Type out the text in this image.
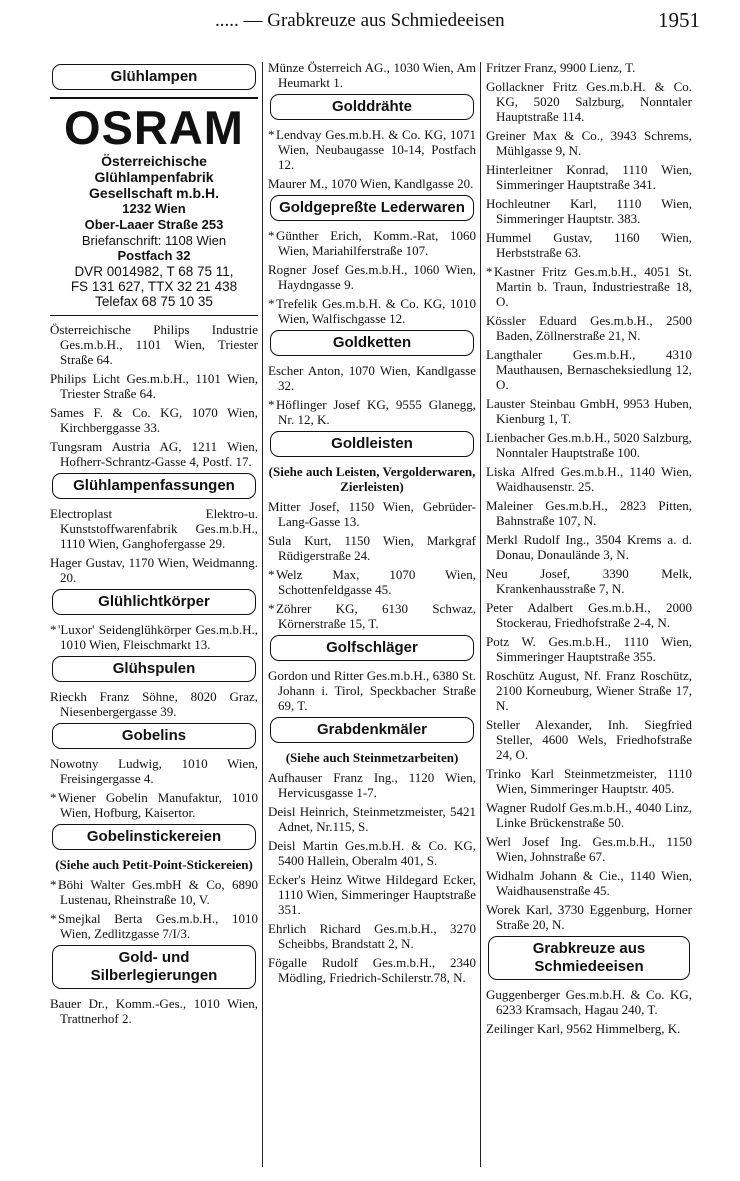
..... — Grabkreuze aus Schmiedeeisen	1951
Glühlampen
OSRAM
Österreichische
Glühlampenfabrik
Gesellschaft m.b.H.
1232 Wien
Ober-Laaer Straße 253
Briefanschrift: 1108 Wien
Postfach 32
DVR 0014982, T 68 75 11,
FS 131 627, TTX 32 21 438
Telefax 68 75 10 35
Österreichische Philips Industrie Ges.m.b.H., 1101 Wien, Triester Straße 64.
Philips Licht Ges.m.b.H., 1101 Wien, Triester Straße 64.
Sames F. & Co. KG, 1070 Wien, Kirchberggasse 33.
Tungsram Austria AG, 1211 Wien, Hofherr-Schrantz-Gasse 4, Postf. 17.
Glühlampenfassungen
Electroplast Elektro-u. Kunststoffwarenfabrik Ges.m.b.H., 1110 Wien, Ganghofergasse 29.
Hager Gustav, 1170 Wien, Weidmanng. 20.
Glühlichtkörper
* 'Luxor' Seidenglühkörper Ges.m.b.H., 1010 Wien, Fleischmarkt 13.
Glühspulen
Rieckh Franz Söhne, 8020 Graz, Niesenbergergasse 39.
Gobelins
Nowotny Ludwig, 1010 Wien, Freisingergasse 4.
* Wiener Gobelin Manufaktur, 1010 Wien, Hofburg, Kaisertor.
Gobelinstickereien
(Siehe auch Petit-Point-Stickereien)
* Böhi Walter Ges.mbH & Co, 6890 Lustenau, Rheinstraße 10, V.
* Smejkal Berta Ges.m.b.H., 1010 Wien, Zedlitzgasse 7/I/3.
Gold- und Silberlegierungen
Bauer Dr., Komm.-Ges., 1010 Wien, Trattnerhof 2.
Münze Österreich AG., 1030 Wien, Am Heumarkt 1.
Golddrähte
* Lendvay Ges.m.b.H. & Co. KG, 1071 Wien, Neubaugasse 10-14, Postfach 12.
Maurer M., 1070 Wien, Kandlgasse 20.
Goldgepreßte Lederwaren
* Günther Erich, Komm.-Rat, 1060 Wien, Mariahilferstraße 107.
Rogner Josef Ges.m.b.H., 1060 Wien, Haydngasse 9.
* Trefelik Ges.m.b.H. & Co. KG, 1010 Wien, Walfischgasse 12.
Goldketten
Escher Anton, 1070 Wien, Kandlgasse 32.
* Höflinger Josef KG, 9555 Glanegg, Nr. 12, K.
Goldleisten
(Siehe auch Leisten, Vergolderwaren, Zierleisten)
Mitter Josef, 1150 Wien, Gebrüder-Lang-Gasse 13.
Sula Kurt, 1150 Wien, Markgraf Rüdigerstraße 24.
* Welz Max, 1070 Wien, Schottenfeldgasse 45.
* Zöhrer KG, 6130 Schwaz, Körnerstraße 15, T.
Golfschläger
Gordon und Ritter Ges.m.b.H., 6380 St. Johann i. Tirol, Speckbacher Straße 69, T.
Grabdenkmäler
(Siehe auch Steinmetzarbeiten)
Aufhauser Franz Ing., 1120 Wien, Hervicusgasse 1-7.
Deisl Heinrich, Steinmetzmeister, 5421 Adnet, Nr.115, S.
Deisl Martin Ges.m.b.H. & Co. KG, 5400 Hallein, Oberalm 401, S.
Ecker's Heinz Witwe Hildegard Ecker, 1110 Wien, Simmeringer Hauptstraße 351.
Ehrlich Richard Ges.m.b.H., 3270 Scheibbs, Brandstatt 2, N.
Fögalle Rudolf Ges.m.b.H., 2340 Mödling, Friedrich-Schilerstr.78, N.
Fritzer Franz, 9900 Lienz, T.
Gollackner Fritz Ges.m.b.H. & Co. KG, 5020 Salzburg, Nonntaler Hauptstraße 114.
Greiner Max & Co., 3943 Schrems, Mühlgasse 9, N.
Hinterleitner Konrad, 1110 Wien, Simmeringer Hauptstraße 341.
Hochleutner Karl, 1110 Wien, Simmeringer Hauptstr. 383.
Hummel Gustav, 1160 Wien, Herbststraße 63.
* Kastner Fritz Ges.m.b.H., 4051 St. Martin b. Traun, Industriestraße 18, O.
Kössler Eduard Ges.m.b.H., 2500 Baden, Zöllnerstraße 21, N.
Langthaler Ges.m.b.H., 4310 Mauthausen, Bernascheksiedlung 12, O.
Lauster Steinbau GmbH, 9953 Huben, Kienburg 1, T.
Lienbacher Ges.m.b.H., 5020 Salzburg, Nonntaler Hauptstraße 100.
Liska Alfred Ges.m.b.H., 1140 Wien, Waidhausenstr. 25.
Maleiner Ges.m.b.H., 2823 Pitten, Bahnstraße 107, N.
Merkl Rudolf Ing., 3504 Krems a. d. Donau, Donaulände 3, N.
Neu Josef, 3390 Melk, Krankenhausstraße 7, N.
Peter Adalbert Ges.m.b.H., 2000 Stockerau, Friedhofstraße 2-4, N.
Potz W. Ges.m.b.H., 1110 Wien, Simmeringer Hauptstraße 355.
Roschütz August, Nf. Franz Roschütz, 2100 Korneuburg, Wiener Straße 17, N.
Steller Alexander, Inh. Siegfried Steller, 4600 Wels, Friedhofstraße 24, O.
Trinko Karl Steinmetzmeister, 1110 Wien, Simmeringer Hauptstr. 405.
Wagner Rudolf Ges.m.b.H., 4040 Linz, Linke Brückenstraße 50.
Werl Josef Ing. Ges.m.b.H., 1150 Wien, Johnstraße 67.
Widhalm Johann & Cie., 1140 Wien, Waidhausenstraße 45.
Worek Karl, 3730 Eggenburg, Horner Straße 20, N.
Grabkreuze aus Schmiedeeisen
Guggenberger Ges.m.b.H. & Co. KG, 6233 Kramsach, Hagau 240, T.
Zeilinger Karl, 9562 Himmelberg, K.
